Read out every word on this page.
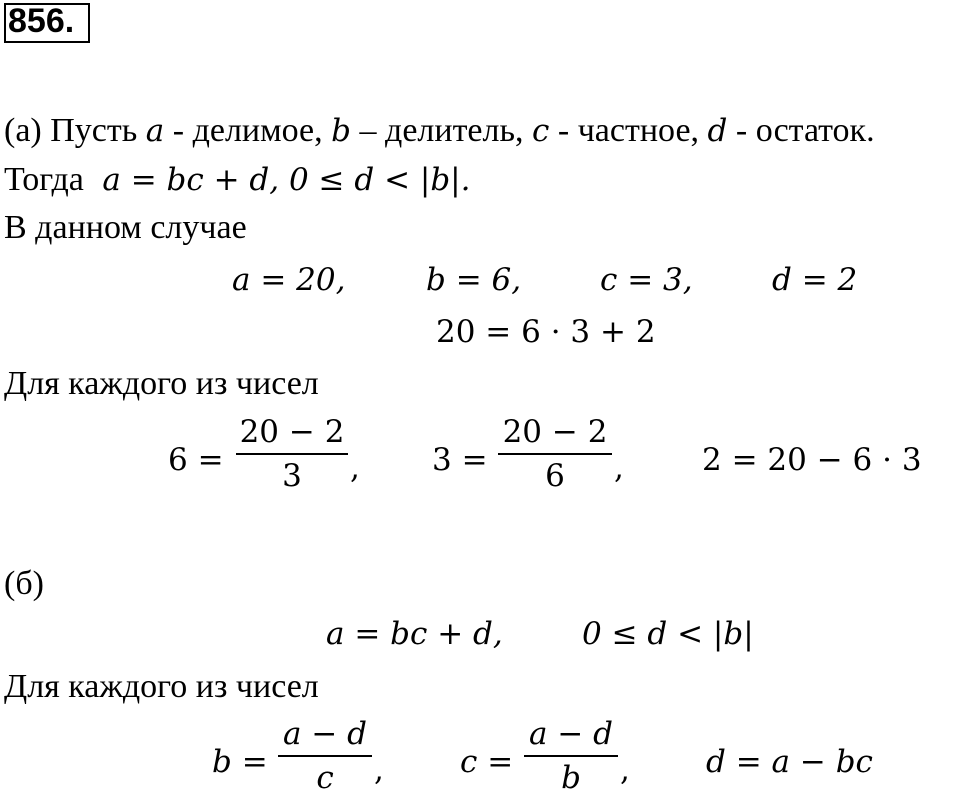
856.
(а) Пусть a - делимое, b – делитель, c - частное, d - остаток.
Тогда a = bc + d, 0 ≤ d < |b|.
В данном случае
a = 20,	b = 6,	c = 3,	d = 2
20 = 6 · 3 + 2
Для каждого из чисел
6 =
20 − 2
3 , 3 =
20 − 2
6 ,	2 = 20 − 6 · 3
(б)
a = bc + d,	0 ≤ d < |b|
Для каждого из чисел
b =
a − d
c , c =
a − d
b , d = a − bc
